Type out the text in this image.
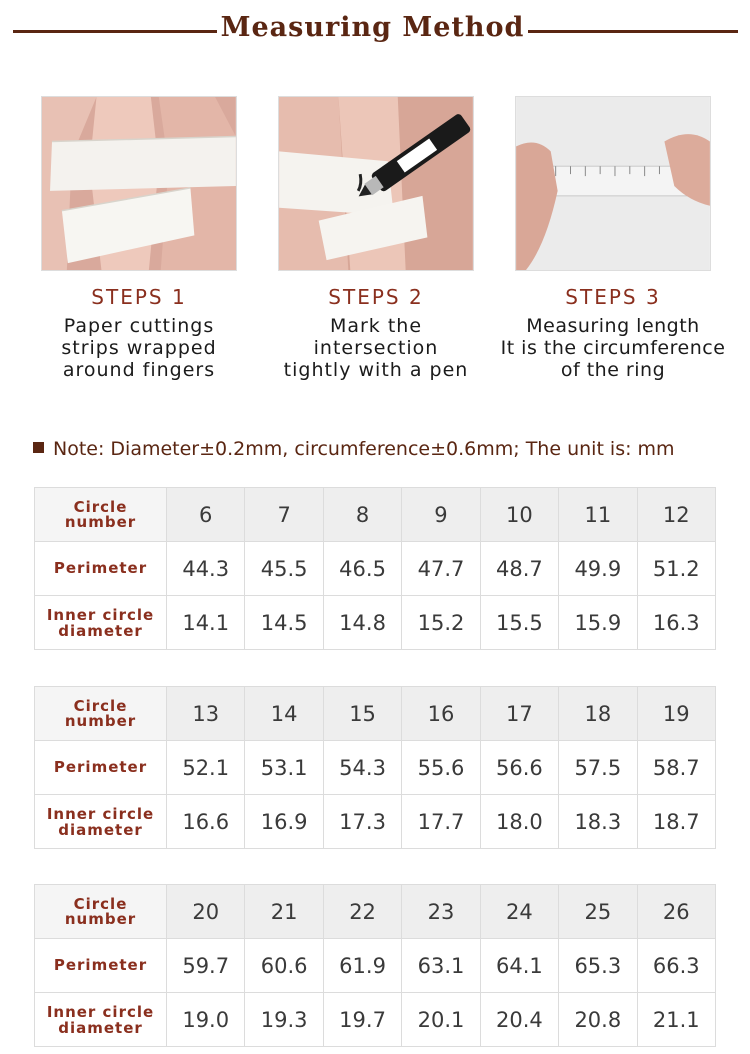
Measuring Method
STEPS 1
Paper cuttings
strips wrapped
around fingers
STEPS 2
Mark the
intersection
tightly with a pen
STEPS 3
Measuring length
It is the circumference
of the ring
Note: Diameter±0.2mm, circumference±0.6mm; The unit is: mm
Circle number	6	7	8	9	10	11	12
Perimeter	44.3	45.5	46.5	47.7	48.7	49.9	51.2
Inner circle
diameter	14.1	14.5	14.8	15.2	15.5	15.9	16.3
Circle number	13	14	15	16	17	18	19
Perimeter	52.1	53.1	54.3	55.6	56.6	57.5	58.7
Inner circle
diameter	16.6	16.9	17.3	17.7	18.0	18.3	18.7
Circle number	20	21	22	23	24	25	26
Perimeter	59.7	60.6	61.9	63.1	64.1	65.3	66.3
Inner circle
diameter	19.0	19.3	19.7	20.1	20.4	20.8	21.1
